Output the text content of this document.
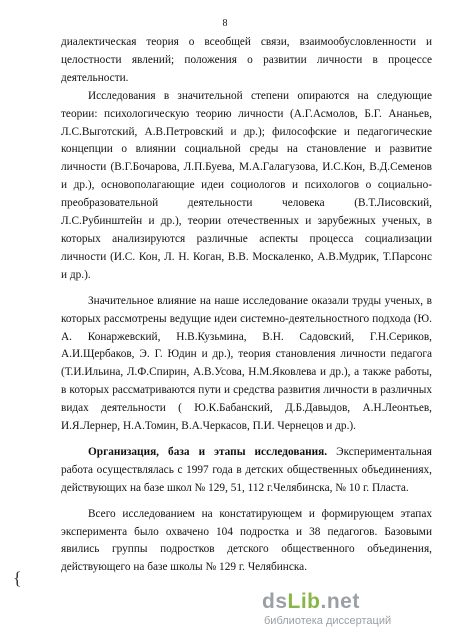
8

диалектическая теория о всеобщей связи, взаимообусловленности и целостности явлений; положения о развитии личности в процессе деятельности.

Исследования в значительной степени опираются на следующие теории: психологическую теорию личности (А.Г.Асмолов, Б.Г. Ананьев, Л.С.Выготский, А.В.Петровский и др.); философские и педагогические концепции о влиянии социальной среды на становление и развитие личности (В.Г.Бочарова, Л.П.Буева, М.А.Галагузова, И.С.Кон, В.Д.Семенов и др.), основополагающие идеи социологов и психологов о социально-преобразовательной деятельности человека (В.Т.Лисовский, Л.С.Рубинштейн и др.), теории отечественных и зарубежных ученых, в которых анализируются различные аспекты процесса социализации личности (И.С. Кон, Л. Н. Коган, В.В. Москаленко, А.В.Мудрик, Т.Парсонс и др.).

Значительное влияние на наше исследование оказали труды ученых, в которых рассмотрены ведущие идеи системно-деятельностного подхода (Ю. А. Конаржевский, Н.В.Кузьмина, В.Н. Садовский, Г.Н.Сериков, А.И.Щербаков, Э. Г. Юдин и др.), теория становления личности педагога (Т.И.Ильина, Л.Ф.Спирин, А.В.Усова, Н.М.Яковлева и др.), а также работы, в которых рассматриваются пути и средства развития личности в различных видах деятельности ( Ю.К.Бабанский, Д.Б.Давыдов, А.Н.Леонтьев, И.Я.Лернер, Н.А.Томин, В.А.Черкасов, П.И. Чернецов и др.).

Организация, база и этапы исследования. Экспериментальная работа осуществлялась с 1997 года в детских общественных объединениях, действующих на базе школ № 129, 51, 112 г.Челябинска, № 10 г. Пласта.

Всего исследованием на констатирующем и формирующем этапах эксперимента было охвачено 104 подростка и 38 педагогов. Базовыми явились группы подростков детского общественного объединения, действующего на базе школы № 129 г. Челябинска.

{
dsLib.net
библиотека диссертаций
